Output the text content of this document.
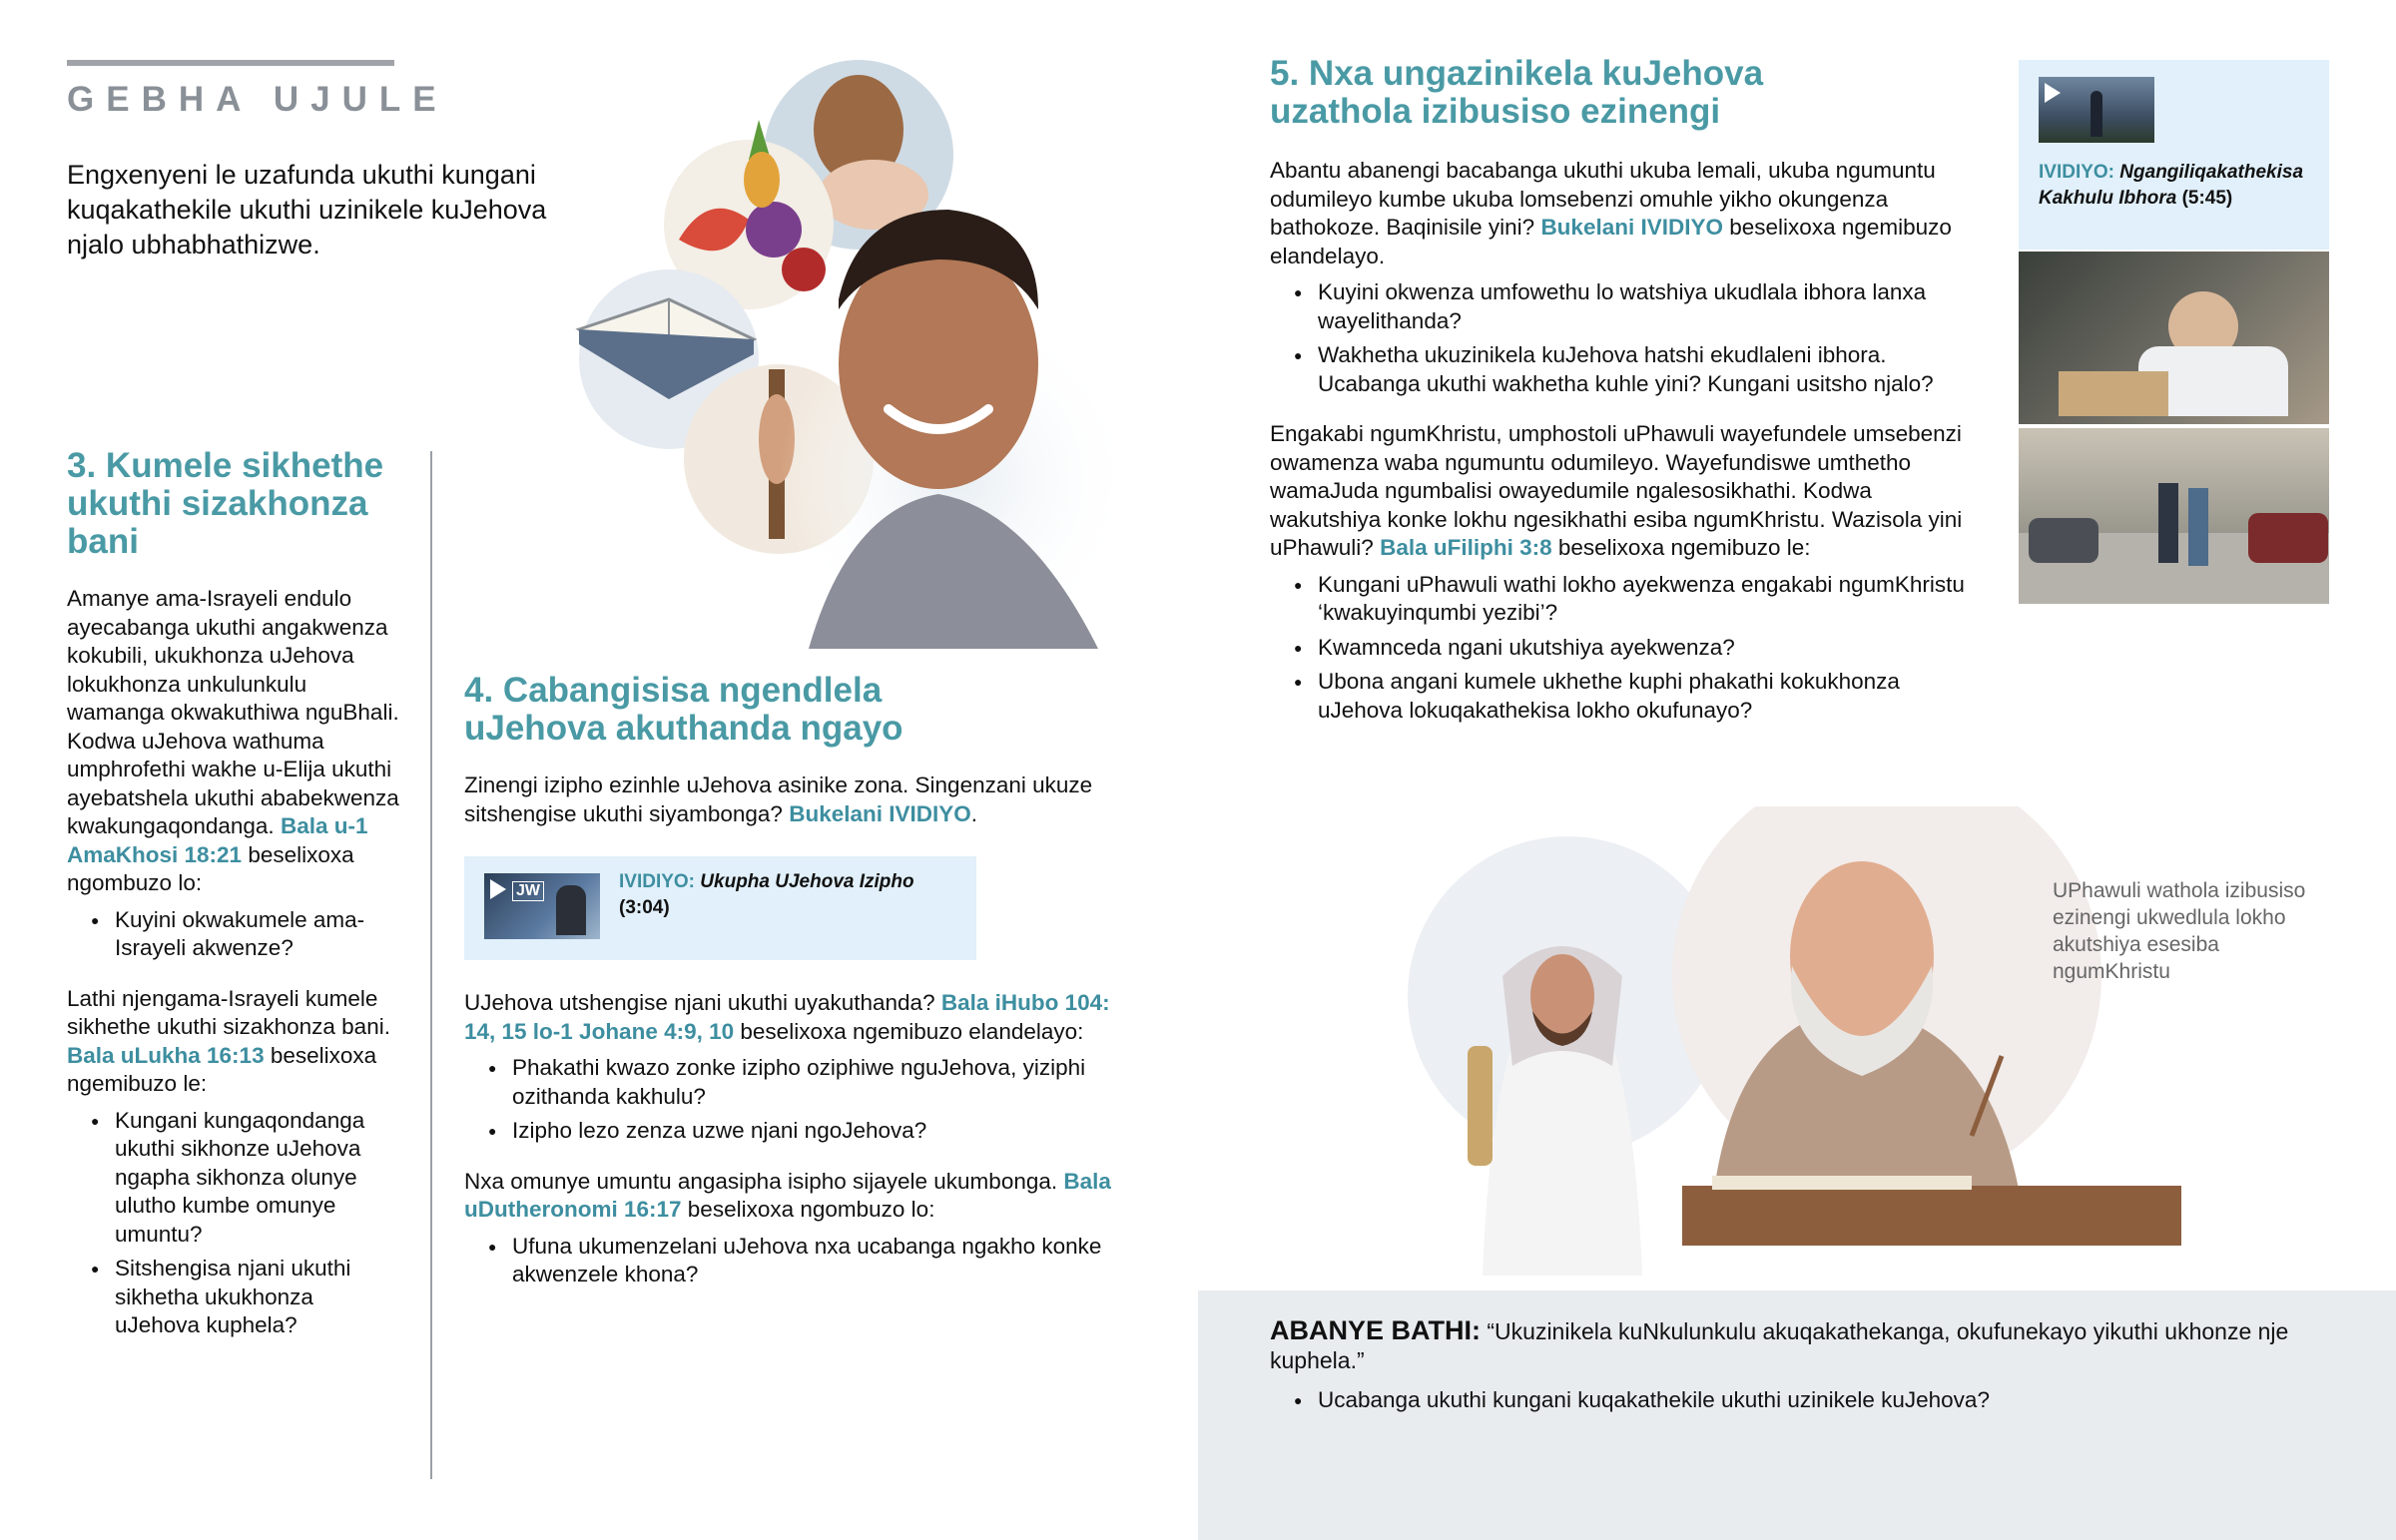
GEBHA UJULE

Engxenyeni le uzafunda ukuthi kungani kuqakathekile ukuthi uzinikele kuJehova njalo ubhabhathizwe.

3. Kumele sikhethe ukuthi sizakhonza bani

Amanye ama-Israyeli endulo ayecabanga ukuthi angakwenza kokubili, ukukhonza uJehova lokukhonza unkulunkulu wamanga okwakuthiwa nguBhali. Kodwa uJehova wathuma umphrofethi wakhe u-Elija ukuthi ayebatshela ukuthi ababekwenza kwakungaqondanga. Bala u-1 AmaKhosi 18:21 beselixoxa ngombuzo lo:

● Kuyini okwakumele ama-Israyeli akwenze?

Lathi njengama-Israyeli kumele sikhethe ukuthi sizakhonza bani. Bala uLukha 16:13 beselixoxa ngemibuzo le:

● Kungani kungaqondanga ukuthi sikhonze uJehova ngapha sikhonza olunye ulutho kumbe omunye umuntu?
● Sitshengisa njani ukuthi sikhetha ukukhonza uJehova kuphela?
4. Cabangisisa ngendlela uJehova akuthanda ngayo

Zinengi izipho ezinhle uJehova asinike zona. Singenzani ukuze sitshengise ukuthi siyambonga? Bukelani IVIDIYO.

JW	IVIDIYO: Ukupha UJehova Izipho
(3:04)

UJehova utshengise njani ukuthi uyakuthanda? Bala iHubo 104: 14, 15 lo-1 Johane 4:9, 10 beselixoxa ngemibuzo elandelayo:

● Phakathi kwazo zonke izipho oziphiwe nguJehova, yiziphi ozithanda kakhulu?
● Izipho lezo zenza uzwe njani ngoJehova?

Nxa omunye umuntu angasipha isipho sijayele ukumbonga. Bala uDutheronomi 16:17 beselixoxa ngombuzo lo:

● Ufuna ukumenzelani uJehova nxa ucabanga ngakho konke akwenzele khona?
5. Nxa ungazinikela kuJehova uzathola izibusiso ezinengi

Abantu abanengi bacabanga ukuthi ukuba lemali, ukuba ngumuntu odumileyo kumbe ukuba lomsebenzi omuhle yikho okungenza bathokoze. Baqinisile yini? Bukelani IVIDIYO beselixoxa ngemibuzo elandelayo.

● Kuyini okwenza umfowethu lo watshiya ukudlala ibhora lanxa wayelithanda?
● Wakhetha ukuzinikela kuJehova hatshi ekudlaleni ibhora. Ucabanga ukuthi wakhetha kuhle yini? Kungani usitsho njalo?

Engakabi ngumKhristu, umphostoli uPhawuli wayefundele umsebenzi owamenza waba ngumuntu odumileyo. Wayefundiswe umthetho wamaJuda ngumbalisi owayedumile ngalesosikhathi. Kodwa wakutshiya konke lokhu ngesikhathi esiba ngumKhristu. Wazisola yini uPhawuli? Bala uFiliphi 3:8 beselixoxa ngemibuzo le:

● Kungani uPhawuli wathi lokho ayekwenza engakabi ngumKhristu ‘kwakuyinqumbi yezibi’?
● Kwamnceda ngani ukutshiya ayekwenza?
● Ubona angani kumele ukhethe kuphi phakathi kokukhonza uJehova lokuqakathekisa lokho okufunayo?
IVIDIYO: Ngangiliqakathekisa Kakhulu Ibhora (5:45)

UPhawuli wathola izibusiso ezinengi ukwedlula lokho akutshiya esesiba ngumKhristu

ABANYE BATHI: “Ukuzinikela kuNkulunkulu akuqakathekanga, okufunekayo yikuthi ukhonze nje kuphela.”
● Ucabanga ukuthi kungani kuqakathekile ukuthi uzinikele kuJehova?
